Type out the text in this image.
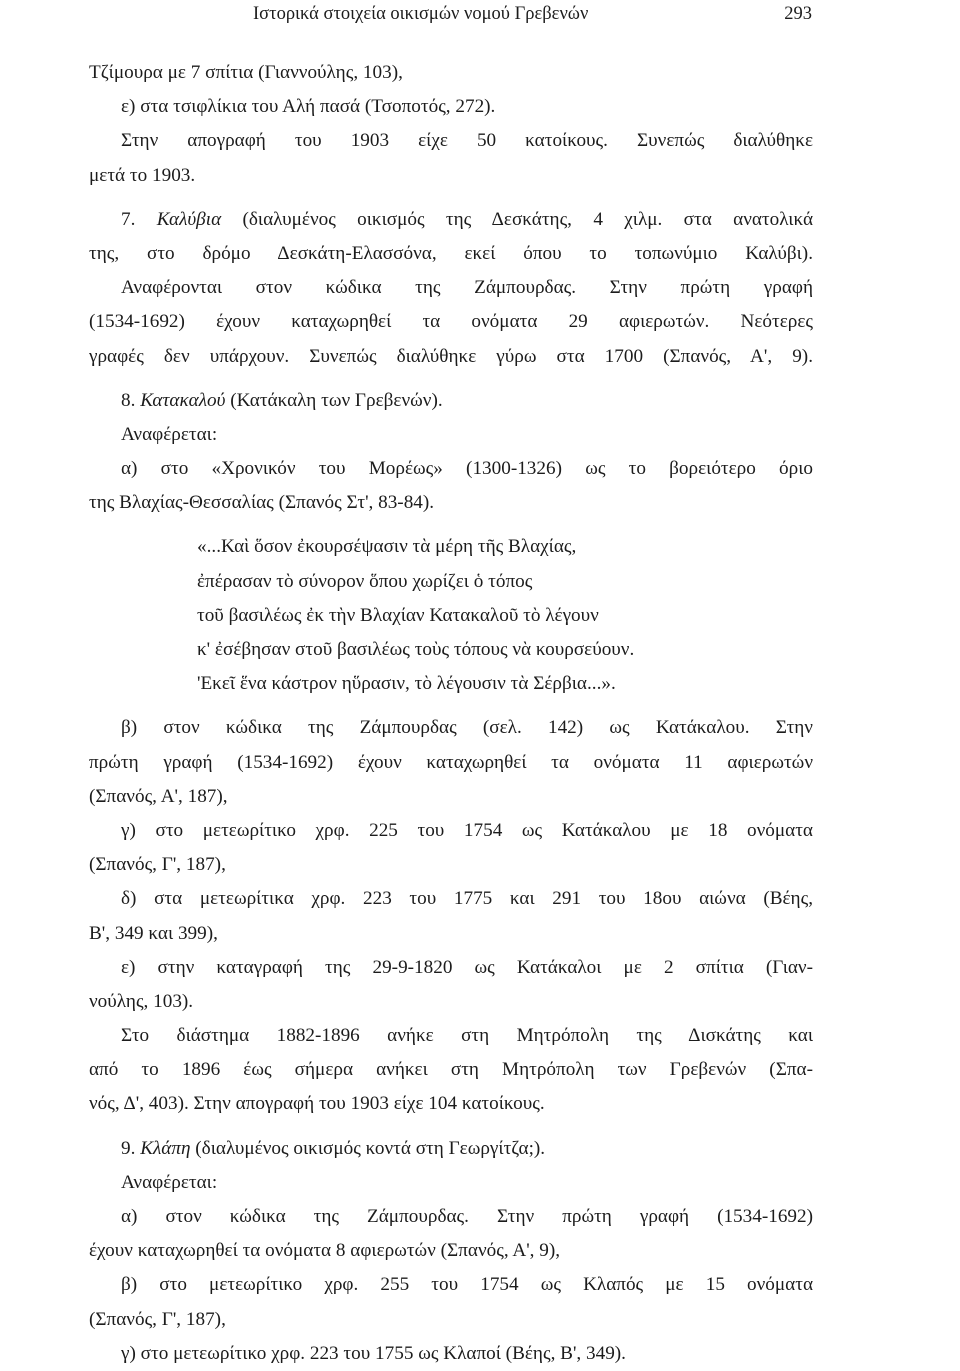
Ιστορικά στοιχεία οικισμών νομού Γρεβενών	293
Τζίμουρα με 7 σπίτια (Γιαννούλης, 103),
ε) στα τσιφλίκια του Αλή πασά (Τσοποτός, 272).
Στην απογραφή του 1903 είχε 50 κατοίκους. Συνεπώς διαλύθηκε
μετά το 1903.
7. Καλύβια (διαλυμένος οικισμός της Δεσκάτης, 4 χιλμ. στα ανατολικά
της, στο δρόμο Δεσκάτη-Ελασσόνα, εκεί όπου το τοπωνύμιο Καλύβι).
Αναφέρονται στον κώδικα της Ζάμπουρδας. Στην πρώτη γραφή
(1534-1692) έχουν καταχωρηθεί τα ονόματα 29 αφιερωτών. Νεότερες
γραφές δεν υπάρχουν. Συνεπώς διαλύθηκε γύρω στα 1700 (Σπανός, Α', 9).
8. Κατακαλού (Κατάκαλη των Γρεβενών).
Αναφέρεται:
α) στο «Χρονικόν του Μορέως» (1300-1326) ως το βορειότερο όριο
της Βλαχίας-Θεσσαλίας (Σπανός Στ', 83-84).
«...Καὶ ὅσον ἐκουρσέψασιν τὰ μέρη τῆς Βλαχίας,
ἐπέρασαν τὸ σύνορον ὅπου χωρίζει ὁ τόπος
τοῦ βασιλέως ἐκ τὴν Βλαχίαν Κατακαλοῦ τὸ λέγουν
κ' ἐσέβησαν στοῦ βασιλέως τοὺς τόπους νὰ κουρσεύουν.
'Εκεῖ ἕνα κάστρον ηὕρασιν, τὸ λέγουσιν τὰ Σέρβια...».
β) στον κώδικα της Ζάμπουρδας (σελ. 142) ως Κατάκαλου. Στην
πρώτη γραφή (1534-1692) έχουν καταχωρηθεί τα ονόματα 11 αφιερωτών
(Σπανός, Α', 187),
γ) στο μετεωρίτικο χρφ. 225 του 1754 ως Κατάκαλου με 18 ονόματα
(Σπανός, Γ', 187),
δ) στα μετεωρίτικα χρφ. 223 του 1775 και 291 του 18ου αιώνα (Βέης,
Β', 349 και 399),
ε) στην καταγραφή της 29-9-1820 ως Κατάκαλοι με 2 σπίτια (Γιαν-
νούλης, 103).
Στο διάστημα 1882-1896 ανήκε στη Μητρόπολη της Δισκάτης και
από το 1896 έως σήμερα ανήκει στη Μητρόπολη των Γρεβενών (Σπα-
νός, Δ', 403). Στην απογραφή του 1903 είχε 104 κατοίκους.
9. Κλάπη (διαλυμένος οικισμός κοντά στη Γεωργίτζα;).
Αναφέρεται:
α) στον κώδικα της Ζάμπουρδας. Στην πρώτη γραφή (1534-1692)
έχουν καταχωρηθεί τα ονόματα 8 αφιερωτών (Σπανός, Α', 9),
β) στο μετεωρίτικο χρφ. 255 του 1754 ως Κλαπός με 15 ονόματα
(Σπανός, Γ', 187),
γ) στο μετεωρίτικο χρφ. 223 του 1755 ως Κλαποί (Βέης, Β', 349).
